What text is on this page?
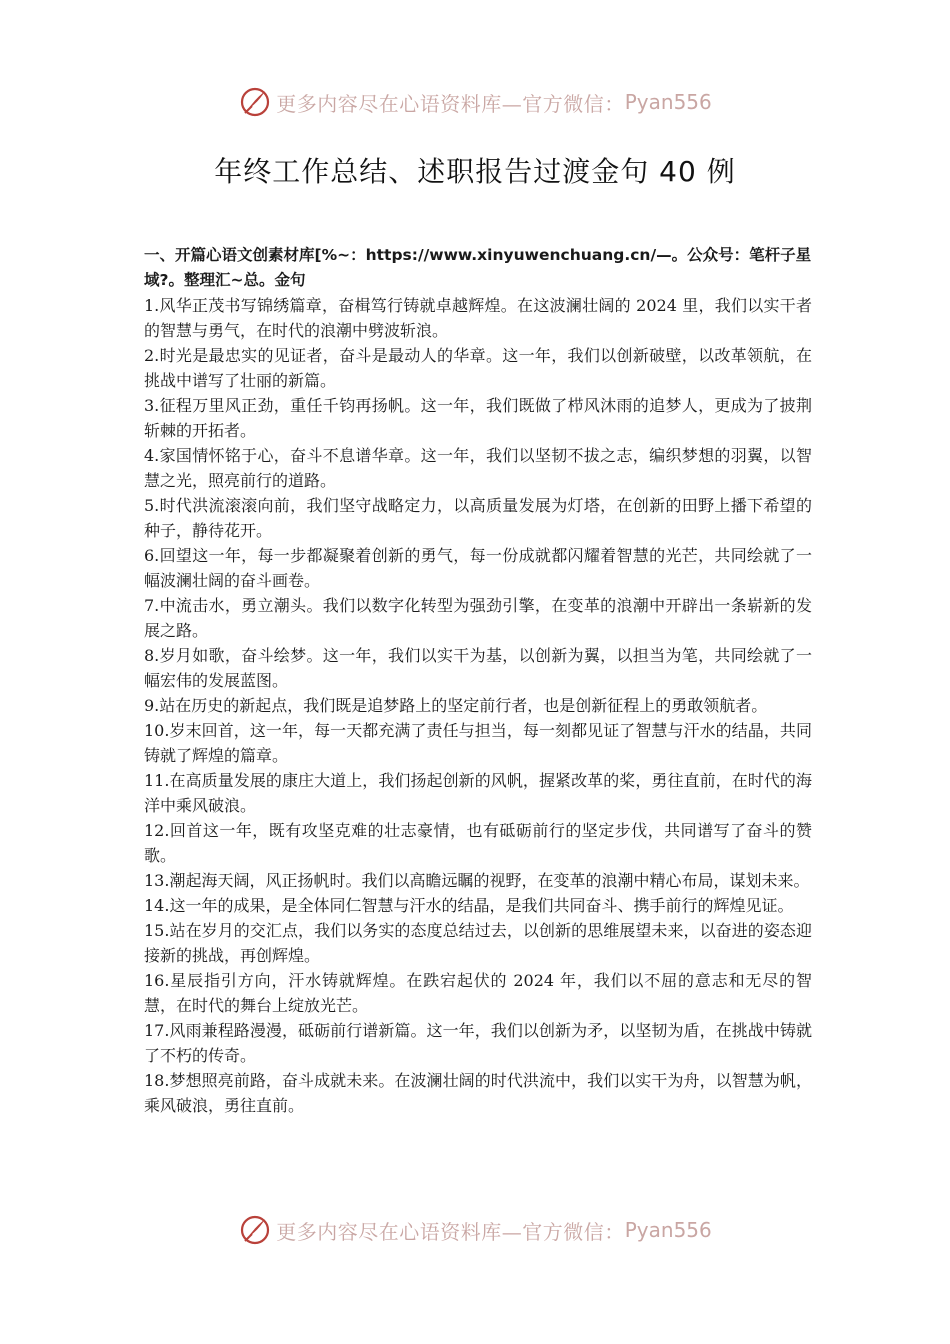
更多内容尽在心语资料库—官方微信： Pyan556
年终工作总结、述职报告过渡金句 40 例

一、开篇心语文创素材库[%~：https://www.xinyuwenchuang.cn/—。公众号：笔杆子星域?。整理汇~总。金句

1.风华正茂书写锦绣篇章，奋楫笃行铸就卓越辉煌。在这波澜壮阔的 2024 里，我们以实干者的智慧与勇气，在时代的浪潮中劈波斩浪。

2.时光是最忠实的见证者，奋斗是最动人的华章。这一年，我们以创新破壁，以改革领航，在挑战中谱写了壮丽的新篇。

3.征程万里风正劲，重任千钧再扬帆。这一年，我们既做了栉风沐雨的追梦人，更成为了披荆斩棘的开拓者。

4.家国情怀铭于心，奋斗不息谱华章。这一年，我们以坚韧不拔之志，编织梦想的羽翼，以智慧之光，照亮前行的道路。

5.时代洪流滚滚向前，我们坚守战略定力，以高质量发展为灯塔，在创新的田野上播下希望的种子，静待花开。

6.回望这一年，每一步都凝聚着创新的勇气，每一份成就都闪耀着智慧的光芒，共同绘就了一幅波澜壮阔的奋斗画卷。

7.中流击水，勇立潮头。我们以数字化转型为强劲引擎，在变革的浪潮中开辟出一条崭新的发展之路。

8.岁月如歌，奋斗绘梦。这一年，我们以实干为基，以创新为翼，以担当为笔，共同绘就了一幅宏伟的发展蓝图。

9.站在历史的新起点，我们既是追梦路上的坚定前行者，也是创新征程上的勇敢领航者。

10.岁末回首，这一年，每一天都充满了责任与担当，每一刻都见证了智慧与汗水的结晶，共同铸就了辉煌的篇章。

11.在高质量发展的康庄大道上，我们扬起创新的风帆，握紧改革的桨，勇往直前，在时代的海洋中乘风破浪。

12.回首这一年，既有攻坚克难的壮志豪情，也有砥砺前行的坚定步伐，共同谱写了奋斗的赞歌。

13.潮起海天阔，风正扬帆时。我们以高瞻远瞩的视野，在变革的浪潮中精心布局，谋划未来。

14.这一年的成果，是全体同仁智慧与汗水的结晶，是我们共同奋斗、携手前行的辉煌见证。

15.站在岁月的交汇点，我们以务实的态度总结过去，以创新的思维展望未来，以奋进的姿态迎接新的挑战，再创辉煌。

16.星辰指引方向，汗水铸就辉煌。在跌宕起伏的 2024 年，我们以不屈的意志和无尽的智慧，在时代的舞台上绽放光芒。

17.风雨兼程路漫漫，砥砺前行谱新篇。这一年，我们以创新为矛，以坚韧为盾，在挑战中铸就了不朽的传奇。

18.梦想照亮前路，奋斗成就未来。在波澜壮阔的时代洪流中，我们以实干为舟，以智慧为帆，乘风破浪，勇往直前。

更多内容尽在心语资料库—官方微信： Pyan556
